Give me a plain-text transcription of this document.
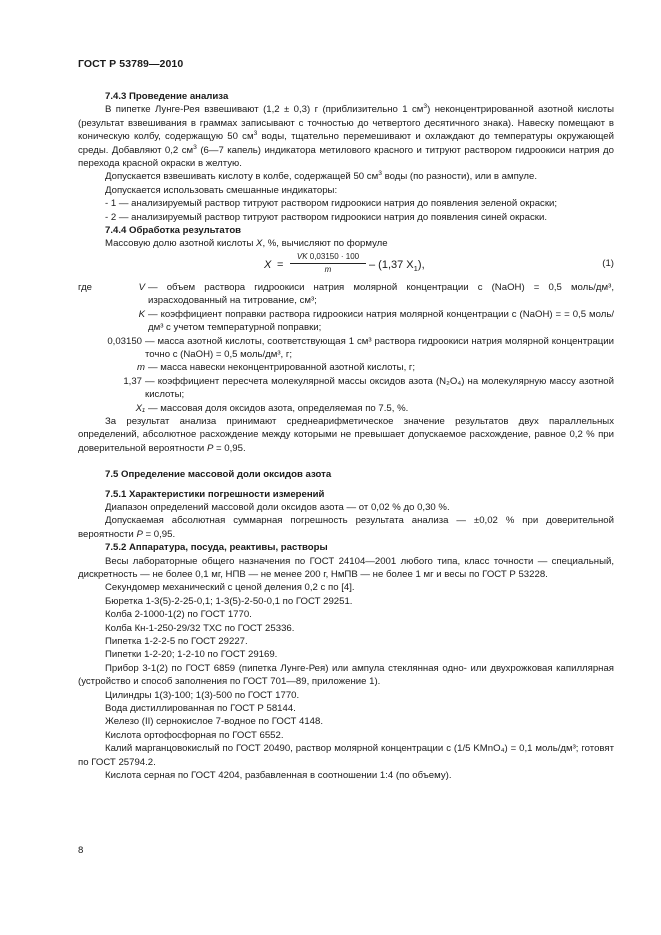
ГОСТ Р 53789—2010

7.4.3 Проведение анализа

В пипетке Лунге-Рея взвешивают (1,2 ± 0,3) г (приблизительно 1 $см^3$) неконцентрированной азотной кислоты (результат взвешивания в граммах записывают с точностью до четвертого десятичного знака). Навеску помещают в коническую колбу, содержащую 50 $см^3$ воды, тщательно перемешивают и охлаждают до температуры окружающей среды. Добавляют 0,2 $см^3$ (6—7 капель) индикатора метилового красного и титруют раствором гидроокиси натрия до перехода красной окраски в желтую.

Допускается взвешивать кислоту в колбе, содержащей 50 $см^3$ воды (по разности), или в ампуле.

Допускается использовать смешанные индикаторы:

- 1 — анализируемый раствор титруют раствором гидроокиси натрия до появления зеленой окраски;

- 2 — анализируемый раствор титруют раствором гидроокиси натрия до появления синей окраски.

7.4.4 Обработка результатов

Массовую долю азотной кислоты X, %, вычисляют по формуле

$X = \frac{VK 0,03150 \cdot 100}{m} - (1,37$ $X_1$),	(1)
где	V — объем раствора гидроокиси натрия молярной концентрации с (NaOH) = 0,5 моль/дм³, израсходованный на титрование, см³;
K — коэффициент поправки раствора гидроокиси натрия молярной концентрации с (NaOH) = = 0,5 моль/дм³ с учетом температурной поправки;
0,03150 — масса азотной кислоты, соответствующая 1 см³ раствора гидроокиси натрия молярной концентрации точно с (NaOH) = 0,5 моль/дм³, г;
m — масса навески неконцентрированной азотной кислоты, г;
1,37 — коэффициент пересчета молекулярной массы оксидов азота (N₂O₄) на молекулярную массу азотной кислоты;
X₁ — массовая доля оксидов азота, определяемая по 7.5, %.

За результат анализа принимают среднеарифметическое значение результатов двух параллельных определений, абсолютное расхождение между которыми не превышает допускаемое расхождение, равное 0,2 % при доверительной вероятности P = 0,95.

7.5 Определение массовой доли оксидов азота

7.5.1 Характеристики погрешности измерений

Диапазон определений массовой доли оксидов азота — от 0,02 % до 0,30 %.

Допускаемая абсолютная суммарная погрешность результата анализа — ±0,02 % при доверительной вероятности P = 0,95.

7.5.2 Аппаратура, посуда, реактивы, растворы

Весы лабораторные общего назначения по ГОСТ 24104—2001 любого типа, класс точности — специальный, дискретность — не более 0,1 мг, НПВ — не менее 200 г, НмПВ — не более 1 мг и весы по ГОСТ Р 53228.

Секундомер механический с ценой деления 0,2 с по [4].

Бюретка 1-3(5)-2-25-0,1; 1-3(5)-2-50-0,1 по ГОСТ 29251.

Колба 2-1000-1(2) по ГОСТ 1770.

Колба Кн-1-250-29/32 ТХС по ГОСТ 25336.

Пипетка 1-2-2-5 по ГОСТ 29227.

Пипетки 1-2-20; 1-2-10 по ГОСТ 29169.

Прибор 3-1(2) по ГОСТ 6859 (пипетка Лунге-Рея) или ампула стеклянная одно- или двухрожковая капиллярная (устройство и способ заполнения по ГОСТ 701—89, приложение 1).

Цилиндры 1(3)-100; 1(3)-500 по ГОСТ 1770.

Вода дистиллированная по ГОСТ Р 58144.

Железо (II) сернокислое 7-водное по ГОСТ 4148.

Кислота ортофосфорная по ГОСТ 6552.

Калий марганцовокислый по ГОСТ 20490, раствор молярной концентрации с (1/5 KMnO₄) = 0,1 моль/дм³; готовят по ГОСТ 25794.2.

Кислота серная по ГОСТ 4204, разбавленная в соотношении 1:4 (по объему).

8
